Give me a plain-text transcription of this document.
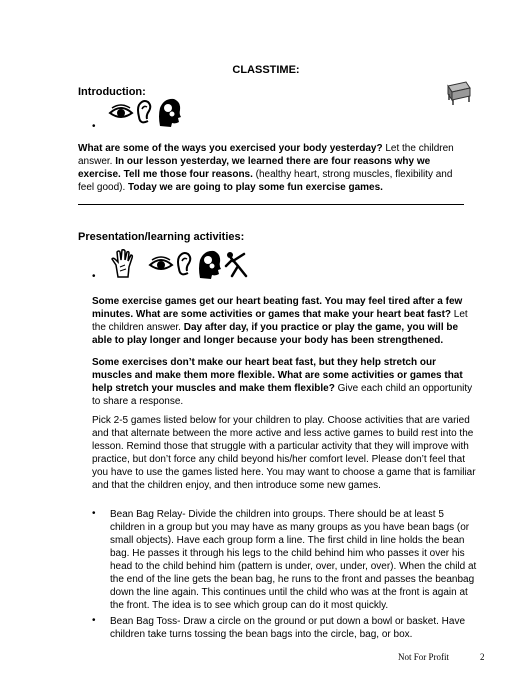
CLASSTIME:
Introduction:
•
What are some of the ways you exercised your body yesterday? Let the children answer. In our lesson yesterday, we learned there are four reasons why we exercise. Tell me those four reasons. (healthy heart, strong muscles, flexibility and feel good). Today we are going to play some fun exercise games.
Presentation/learning activities:
•
Some exercise games get our heart beating fast. You may feel tired after a few minutes. What are some activities or games that make your heart beat fast? Let the children answer. Day after day, if you practice or play the game, you will be able to play longer and longer because your body has been strengthened.
Some exercises don’t make our heart beat fast, but they help stretch our muscles and make them more flexible. What are some activities or games that help stretch your muscles and make them flexible? Give each child an opportunity to share a response.
Pick 2-5 games listed below for your children to play. Choose activities that are varied and that alternate between the more active and less active games to build rest into the lesson. Remind those that struggle with a particular activity that they will improve with practice, but don’t force any child beyond his/her comfort level. Please don’t feel that you have to use the games listed here. You may want to choose a game that is familiar and that the children enjoy, and then introduce some new games.
• Bean Bag Relay- Divide the children into groups. There should be at least 5 children in a group but you may have as many groups as you have bean bags (or small objects). Have each group form a line. The first child in line holds the bean bag. He passes it through his legs to the child behind him who passes it over his head to the child behind him (pattern is under, over, under, over). When the child at the end of the line gets the bean bag, he runs to the front and passes the beanbag down the line again. This continues until the child who was at the front is again at the front. The idea is to see which group can do it most quickly.
• Bean Bag Toss- Draw a circle on the ground or put down a bowl or basket. Have children take turns tossing the bean bags into the circle, bag, or box.
Not For Profit	2
